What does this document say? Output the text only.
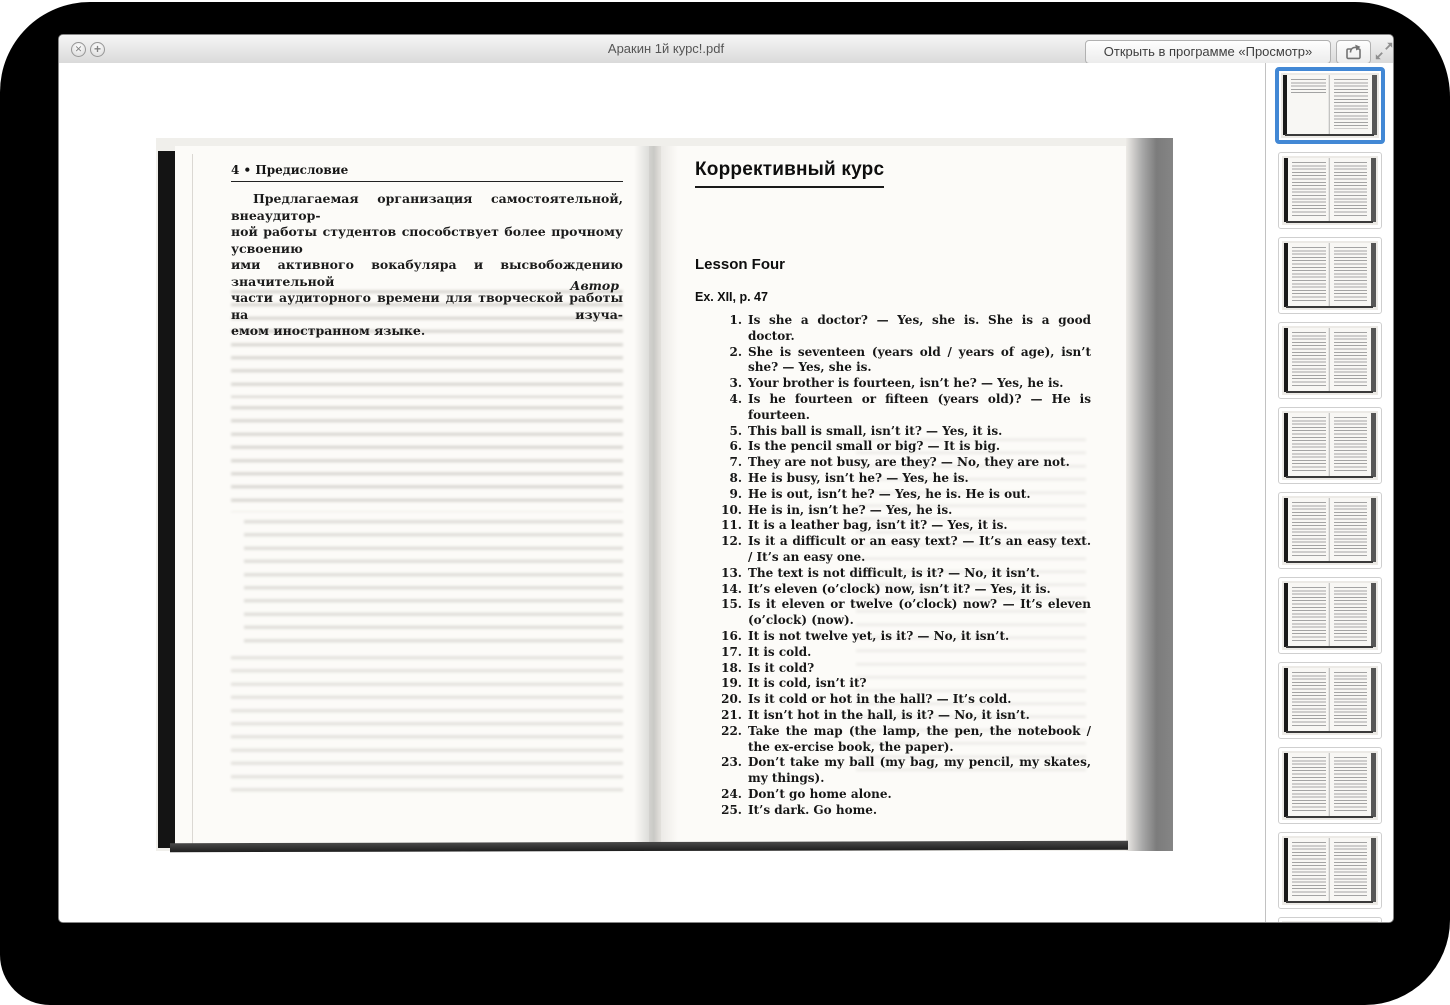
✕ +	Аракин 1й курс!.pdf	Открыть в программе «Просмотр»
4 • Предисловие
Предлагаемая организация самостоятельной, внеаудитор-
ной работы студентов способствует более прочному усвоению
ими активного вокабуляра и высвобождению значительной
части аудиторного времени для творческой работы на изуча-
емом иностранном языке.
Автор
Коррективный курс
Lesson Four
Ex. XII, p. 47
1. Is she a doctor? — Yes, she is. She is a good doctor.
2. She is seventeen (years old / years of age), isn’t she? — Yes, she is.
3. Your brother is fourteen, isn’t he? — Yes, he is.
4. Is he fourteen or fifteen (years old)? — He is fourteen.
5. This ball is small, isn’t it? — Yes, it is.
6. Is the pencil small or big? — It is big.
7. They are not busy, are they? — No, they are not.
8. He is busy, isn’t he? — Yes, he is.
9. He is out, isn’t he? — Yes, he is. He is out.
10. He is in, isn’t he? — Yes, he is.
11. It is a leather bag, isn’t it? — Yes, it is.
12. Is it a difficult or an easy text? — It’s an easy text. / It’s an easy one.
13. The text is not difficult, is it? — No, it isn’t.
14. It’s eleven (o’clock) now, isn’t it? — Yes, it is.
15. Is it eleven or twelve (o’clock) now? — It’s eleven (o’clock) (now).
16. It is not twelve yet, is it? — No, it isn’t.
17. It is cold.
18. Is it cold?
19. It is cold, isn’t it?
20. Is it cold or hot in the hall? — It’s cold.
21. It isn’t hot in the hall, is it? — No, it isn’t.
22. Take the map (the lamp, the pen, the notebook / the ex-ercise book, the paper).
23. Don’t take my ball (my bag, my pencil, my skates, my things).
24. Don’t go home alone.
25. It’s dark. Go home.
